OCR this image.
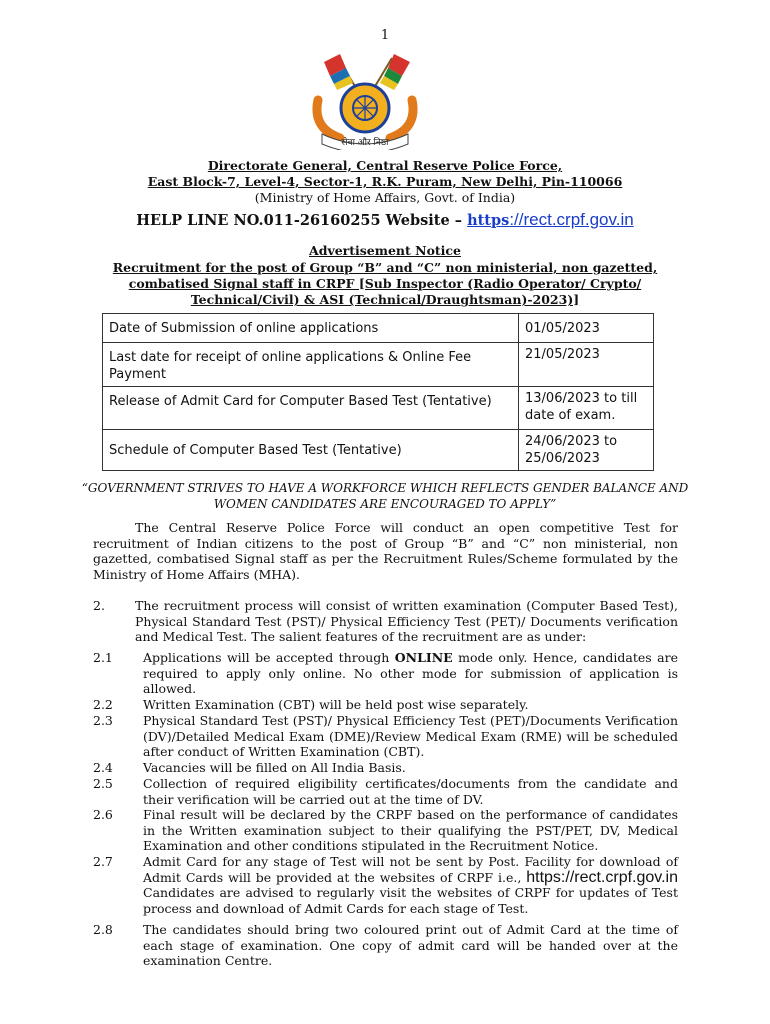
1
सेवा और निष्ठा
Directorate General, Central Reserve Police Force,
East Block-7, Level-4, Sector-1, R.K. Puram, New Delhi, Pin-110066
(Ministry of Home Affairs, Govt. of India)
HELP LINE NO.011-26160255 Website – https://rect.crpf.gov.in
Advertisement Notice
Recruitment for the post of Group “B” and “C” non ministerial, non gazetted,
combatised Signal staff in CRPF [Sub Inspector (Radio Operator/ Crypto/
Technical/Civil) & ASI (Technical/Draughtsman)-2023)]
Date of Submission of online applications	01/05/2023
Last date for receipt of online applications & Online Fee Payment	21/05/2023
Release of Admit Card for Computer Based Test (Tentative)	13/06/2023 to till date of exam.
Schedule of Computer Based Test (Tentative)	24/06/2023 to 25/06/2023
“GOVERNMENT STRIVES TO HAVE A WORKFORCE WHICH REFLECTS GENDER BALANCE AND WOMEN CANDIDATES ARE ENCOURAGED TO APPLY”
The Central Reserve Police Force will conduct an open competitive Test for recruitment of Indian citizens to the post of Group “B” and “C” non ministerial, non gazetted, combatised Signal staff as per the Recruitment Rules/Scheme formulated by the Ministry of Home Affairs (MHA).
2. The recruitment process will consist of written examination (Computer Based Test), Physical Standard Test (PST)/ Physical Efficiency Test (PET)/ Documents verification and Medical Test. The salient features of the recruitment are as under:
2.1 Applications will be accepted through ONLINE mode only. Hence, candidates are required to apply only online. No other mode for submission of application is allowed.
2.2 Written Examination (CBT) will be held post wise separately.
2.3 Physical Standard Test (PST)/ Physical Efficiency Test (PET)/Documents Verification (DV)/Detailed Medical Exam (DME)/Review Medical Exam (RME) will be scheduled after conduct of Written Examination (CBT).
2.4 Vacancies will be filled on All India Basis.
2.5 Collection of required eligibility certificates/documents from the candidate and their verification will be carried out at the time of DV.
2.6 Final result will be declared by the CRPF based on the performance of candidates in the Written examination subject to their qualifying the PST/PET, DV, Medical Examination and other conditions stipulated in the Recruitment Notice.
2.7 Admit Card for any stage of Test will not be sent by Post. Facility for download of Admit Cards will be provided at the websites of CRPF i.e., https://rect.crpf.gov.in Candidates are advised to regularly visit the websites of CRPF for updates of Test process and download of Admit Cards for each stage of Test.
2.8 The candidates should bring two coloured print out of Admit Card at the time of each stage of examination. One copy of admit card will be handed over at the examination Centre.
